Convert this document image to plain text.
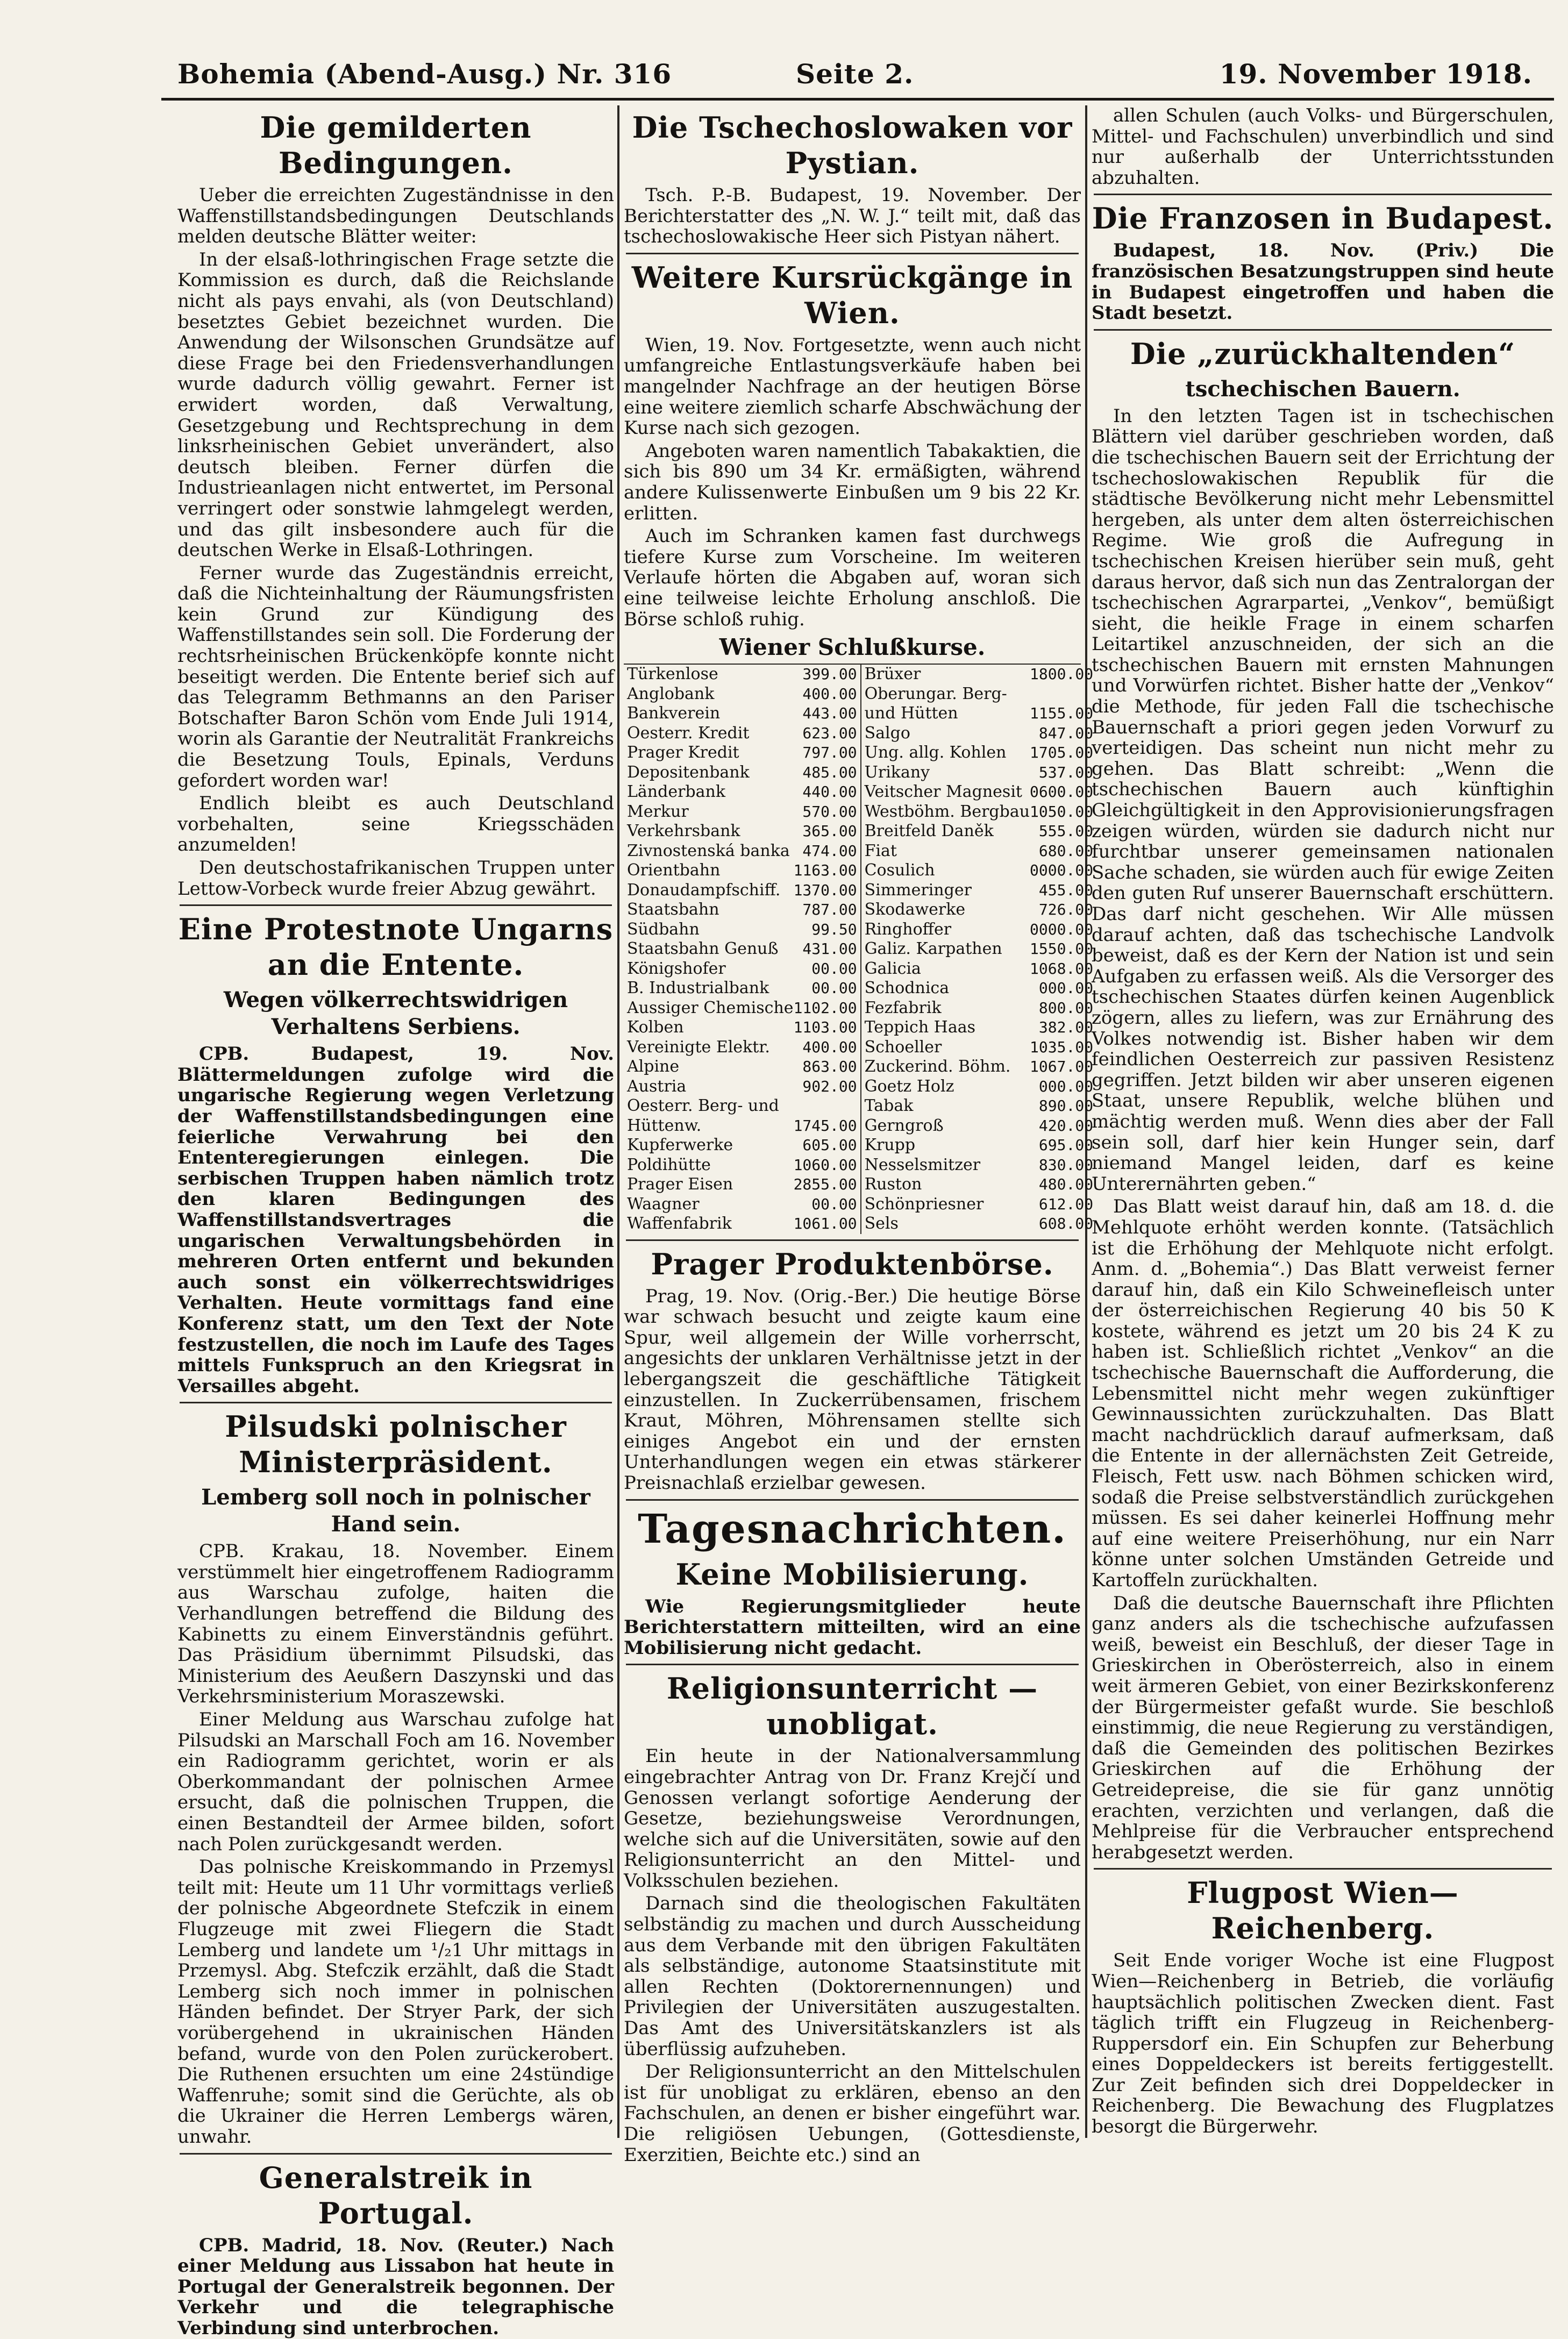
Bohemia (Abend-Ausg.) Nr. 316	Seite 2.	19. November 1918.
Die gemilderten Bedingungen.

Ueber die erreichten Zugeständnisse in den Waffenstillstandsbedingungen Deutschlands melden deutsche Blätter weiter:

In der elsaß-lothringischen Frage setzte die Kommission es durch, daß die Reichslande nicht als pays envahi, als (von Deutschland) besetztes Gebiet bezeichnet wurden. Die Anwendung der Wilsonschen Grundsätze auf diese Frage bei den Friedensverhandlungen wurde dadurch völlig gewahrt. Ferner ist erwidert worden, daß Verwaltung, Gesetzgebung und Rechtsprechung in dem linksrheinischen Gebiet unverändert, also deutsch bleiben. Ferner dürfen die Industrieanlagen nicht entwertet, im Personal verringert oder sonstwie lahmgelegt werden, und das gilt insbesondere auch für die deutschen Werke in Elsaß-Lothringen.

Ferner wurde das Zugeständnis erreicht, daß die Nichteinhaltung der Räumungsfristen kein Grund zur Kündigung des Waffenstillstandes sein soll. Die Forderung der rechtsrheinischen Brückenköpfe konnte nicht beseitigt werden. Die Entente berief sich auf das Telegramm Bethmanns an den Pariser Botschafter Baron Schön vom Ende Juli 1914, worin als Garantie der Neutralität Frankreichs die Besetzung Touls, Epinals, Verduns gefordert worden war!

Endlich bleibt es auch Deutschland vorbehalten, seine Kriegsschäden anzumelden!

Den deutschostafrikanischen Truppen unter Lettow-Vorbeck wurde freier Abzug gewährt.

Eine Protestnote Ungarns an die Entente.
Wegen völkerrechtswidrigen Verhaltens Serbiens.

CPB. Budapest, 19. Nov. Blättermeldungen zufolge wird die ungarische Regierung wegen Verletzung der Waffenstillstandsbedingungen eine feierliche Verwahrung bei den Ententeregierungen einlegen. Die serbischen Truppen haben nämlich trotz den klaren Bedingungen des Waffenstillstandsvertrages die ungarischen Verwaltungsbehörden in mehreren Orten entfernt und bekunden auch sonst ein völkerrechtswidriges Verhalten. Heute vormittags fand eine Konferenz statt, um den Text der Note festzustellen, die noch im Laufe des Tages mittels Funkspruch an den Kriegsrat in Versailles abgeht.

Pilsudski polnischer Ministerpräsident.
Lemberg soll noch in polnischer Hand sein.

CPB. Krakau, 18. November. Einem verstümmelt hier eingetroffenem Radiogramm aus Warschau zufolge, haiten die Verhandlungen betreffend die Bildung des Kabinetts zu einem Einverständnis geführt. Das Präsidium übernimmt Pilsudski, das Ministerium des Aeußern Daszynski und das Verkehrsministerium Moraszewski.

Einer Meldung aus Warschau zufolge hat Pilsudski an Marschall Foch am 16. November ein Radiogramm gerichtet, worin er als Oberkommandant der polnischen Armee ersucht, daß die polnischen Truppen, die einen Bestandteil der Armee bilden, sofort nach Polen zurückgesandt werden.

Das polnische Kreiskommando in Przemysl teilt mit: Heute um 11 Uhr vormittags verließ der polnische Abgeordnete Stefczik in einem Flugzeuge mit zwei Fliegern die Stadt Lemberg und landete um ¹/₂1 Uhr mittags in Przemysl. Abg. Stefczik erzählt, daß die Stadt Lemberg sich noch immer in polnischen Händen befindet. Der Stryer Park, der sich vorübergehend in ukrainischen Händen befand, wurde von den Polen zurückerobert. Die Ruthenen ersuchten um eine 24stündige Waffenruhe; somit sind die Gerüchte, als ob die Ukrainer die Herren Lembergs wären, unwahr.

Generalstreik in Portugal.

CPB. Madrid, 18. Nov. (Reuter.) Nach einer Meldung aus Lissabon hat heute in Portugal der Generalstreik begonnen. Der Verkehr und die telegraphische Verbindung sind unterbrochen.

Die Tschechoslowaken vor Pystian.

Tsch. P.-B. Budapest, 19. November. Der Berichterstatter des „N. W. J.“ teilt mit, daß das tschechoslowakische Heer sich Pistyan nähert.

Weitere Kursrückgänge in Wien.

Wien, 19. Nov. Fortgesetzte, wenn auch nicht umfangreiche Entlastungsverkäufe haben bei mangelnder Nachfrage an der heutigen Börse eine weitere ziemlich scharfe Abschwächung der Kurse nach sich gezogen.

Angeboten waren namentlich Tabakaktien, die sich bis 890 um 34 Kr. ermäßigten, während andere Kulissenwerte Einbußen um 9 bis 22 Kr. erlitten.

Auch im Schranken kamen fast durchwegs tiefere Kurse zum Vorscheine. Im weiteren Verlaufe hörten die Abgaben auf, woran sich eine teilweise leichte Erholung anschloß. Die Börse schloß ruhig.

Wiener Schlußkurse.
Türkenlose	399.00
Anglobank	400.00
Bankverein	443.00
Oesterr. Kredit	623.00
Prager Kredit	797.00
Depositenbank	485.00
Länderbank	440.00
Merkur	570.00
Verkehrsbank	365.00
Zivnostenská banka 474.00
Orientbahn	1163.00
Donaudampfschiff. 1370.00
Staatsbahn	787.00
Südbahn	99.50
Staatsbahn Genuß 431.00
Königshofer	00.00
B. Industrialbank	00.00
Aussiger Chemische 1102.00
Kolben	1103.00
Vereinigte Elektr. 400.00
Alpine	863.00
Austria	902.00
Oesterr. Berg- und
Hüttenw.	1745.00
Kupferwerke	605.00
Poldihütte	1060.00
Prager Eisen	2855.00
Waagner	00.00
Waffenfabrik	1061.00
Brüxer	1800.00
Oberungar. Berg-
und Hütten	1155.00
Salgo	847.00
Ung. allg. Kohlen 1705.00
Urikany	537.00
Veitscher Magnesit 0600.00
Westböhm. Bergbau 1050.00
Breitfeld Daněk	555.00
Fiat	680.00
Cosulich	0000.00
Simmeringer	455.00
Skodawerke	726.00
Ringhoffer	0000.00
Galiz. Karpathen 1550.00
Galicia	1068.00
Schodnica	000.00
Fezfabrik	800.00
Teppich Haas	382.00
Schoeller	1035.00
Zuckerind. Böhm. 1067.00
Goetz Holz	000.00
Tabak	890.00
Gerngroß	420.00
Krupp	695.00
Nesselsmitzer	830.00
Ruston	480.00
Schönpriesner	612.00
Sels	608.00
Prager Produktenbörse.

Prag, 19. Nov. (Orig.-Ber.) Die heutige Börse war schwach besucht und zeigte kaum eine Spur, weil allgemein der Wille vorherrscht, angesichts der unklaren Verhältnisse jetzt in der lebergangszeit die geschäftliche Tätigkeit einzustellen. In Zuckerrübensamen, frischem Kraut, Möhren, Möhrensamen stellte sich einiges Angebot ein und der ernsten Unterhandlungen wegen ein etwas stärkerer Preisnachlaß erzielbar gewesen.

Tagesnachrichten.
Keine Mobilisierung.

Wie Regierungsmitglieder heute Berichterstattern mitteilten, wird an eine Mobilisierung nicht gedacht.

Religionsunterricht — unobligat.

Ein heute in der Nationalversammlung eingebrachter Antrag von Dr. Franz Krejčí und Genossen verlangt sofortige Aenderung der Gesetze, beziehungsweise Verordnungen, welche sich auf die Universitäten, sowie auf den Religionsunterricht an den Mittel- und Volksschulen beziehen.

Darnach sind die theologischen Fakultäten selbständig zu machen und durch Ausscheidung aus dem Verbande mit den übrigen Fakultäten als selbständige, autonome Staatsinstitute mit allen Rechten (Doktorernennungen) und Privilegien der Universitäten auszugestalten. Das Amt des Universitätskanzlers ist als überflüssig aufzuheben.

Der Religionsunterricht an den Mittelschulen ist für unobligat zu erklären, ebenso an den Fachschulen, an denen er bisher eingeführt war. Die religiösen Uebungen, (Gottesdienste, Exerzitien, Beichte etc.) sind an

allen Schulen (auch Volks- und Bürgerschulen, Mittel- und Fachschulen) unverbindlich und sind nur außerhalb der Unterrichtsstunden abzuhalten.

Die Franzosen in Budapest.

Budapest, 18. Nov. (Priv.) Die französischen Besatzungstruppen sind heute in Budapest eingetroffen und haben die Stadt besetzt.

Die „zurückhaltenden“
tschechischen Bauern.

In den letzten Tagen ist in tschechischen Blättern viel darüber geschrieben worden, daß die tschechischen Bauern seit der Errichtung der tschechoslowakischen Republik für die städtische Bevölkerung nicht mehr Lebensmittel hergeben, als unter dem alten österreichischen Regime. Wie groß die Aufregung in tschechischen Kreisen hierüber sein muß, geht daraus hervor, daß sich nun das Zentralorgan der tschechischen Agrarpartei, „Venkov“, bemüßigt sieht, die heikle Frage in einem scharfen Leitartikel anzuschneiden, der sich an die tschechischen Bauern mit ernsten Mahnungen und Vorwürfen richtet. Bisher hatte der „Venkov“ die Methode, für jeden Fall die tschechische Bauernschaft a priori gegen jeden Vorwurf zu verteidigen. Das scheint nun nicht mehr zu gehen. Das Blatt schreibt: „Wenn die tschechischen Bauern auch künftighin Gleichgültigkeit in den Approvisionierungsfragen zeigen würden, würden sie dadurch nicht nur furchtbar unserer gemeinsamen nationalen Sache schaden, sie würden auch für ewige Zeiten den guten Ruf unserer Bauernschaft erschüttern. Das darf nicht geschehen. Wir Alle müssen darauf achten, daß das tschechische Landvolk beweist, daß es der Kern der Nation ist und sein Aufgaben zu erfassen weiß. Als die Versorger des tschechischen Staates dürfen keinen Augenblick zögern, alles zu liefern, was zur Ernährung des Volkes notwendig ist. Bisher haben wir dem feindlichen Oesterreich zur passiven Resistenz gegriffen. Jetzt bilden wir aber unseren eigenen Staat, unsere Republik, welche blühen und mächtig werden muß. Wenn dies aber der Fall sein soll, darf hier kein Hunger sein, darf niemand Mangel leiden, darf es keine Unterernährten geben.“

Das Blatt weist darauf hin, daß am 18. d. die Mehlquote erhöht werden konnte. (Tatsächlich ist die Erhöhung der Mehlquote nicht erfolgt. Anm. d. „Bohemia“.) Das Blatt verweist ferner darauf hin, daß ein Kilo Schweinefleisch unter der österreichischen Regierung 40 bis 50 K kostete, während es jetzt um 20 bis 24 K zu haben ist. Schließlich richtet „Venkov“ an die tschechische Bauernschaft die Aufforderung, die Lebensmittel nicht mehr wegen zukünftiger Gewinnaussichten zurückzuhalten. Das Blatt macht nachdrücklich darauf aufmerksam, daß die Entente in der allernächsten Zeit Getreide, Fleisch, Fett usw. nach Böhmen schicken wird, sodaß die Preise selbstverständlich zurückgehen müssen. Es sei daher keinerlei Hoffnung mehr auf eine weitere Preiserhöhung, nur ein Narr könne unter solchen Umständen Getreide und Kartoffeln zurückhalten.

Daß die deutsche Bauernschaft ihre Pflichten ganz anders als die tschechische aufzufassen weiß, beweist ein Beschluß, der dieser Tage in Grieskirchen in Oberösterreich, also in einem weit ärmeren Gebiet, von einer Bezirkskonferenz der Bürgermeister gefaßt wurde. Sie beschloß einstimmig, die neue Regierung zu verständigen, daß die Gemeinden des politischen Bezirkes Grieskirchen auf die Erhöhung der Getreidepreise, die sie für ganz unnötig erachten, verzichten und verlangen, daß die Mehlpreise für die Verbraucher entsprechend herabgesetzt werden.

Flugpost Wien—Reichenberg.

Seit Ende voriger Woche ist eine Flugpost Wien—Reichenberg in Betrieb, die vorläufig hauptsächlich politischen Zwecken dient. Fast täglich trifft ein Flugzeug in Reichenberg-Ruppersdorf ein. Ein Schupfen zur Beherbung eines Doppeldeckers ist bereits fertiggestellt. Zur Zeit befinden sich drei Doppeldecker in Reichenberg. Die Bewachung des Flugplatzes besorgt die Bürgerwehr.
